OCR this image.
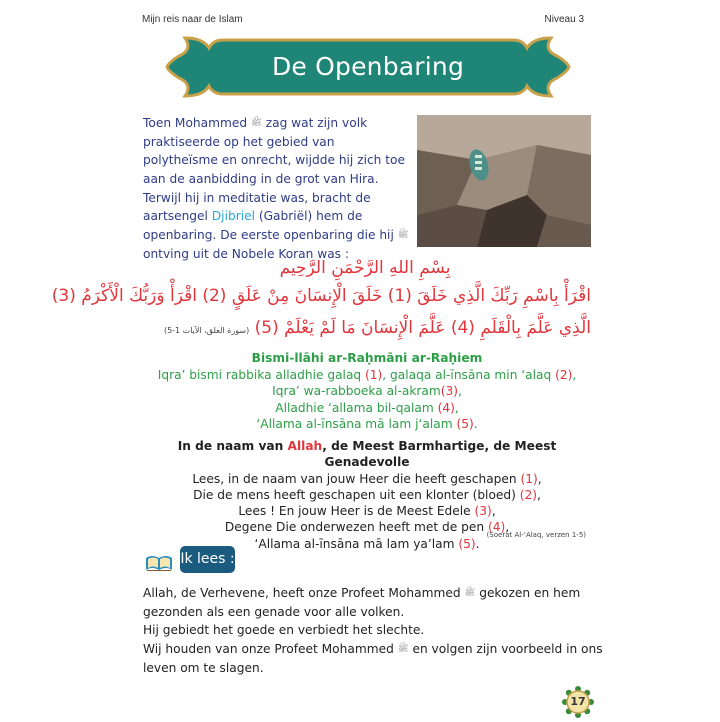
Mijn reis naar de Islam	Niveau 3
De Openbaring
Toen Mohammed ﷺ zag wat zijn volk praktiseerde op het gebied van polytheïsme en onrecht, wijdde hij zich toe aan de aanbidding in de grot van Hira. Terwijl hij in meditatie was, bracht de aartsengel Djibriel (Gabriël) hem de openbaring. De eerste openbaring die hij ﷺ ontving uit de Nobele Koran was :
بِسْمِ اللهِ الرَّحْمَنِ الرَّحِيم
اقْرَأْ بِاسْمِ رَبِّكَ الَّذِي خَلَقَ (1) خَلَقَ الْإِنسَانَ مِنْ عَلَقٍ (2) اقْرَأْ وَرَبُّكَ الْأَكْرَمُ (3)
الَّذِي عَلَّمَ بِالْقَلَمِ (4) عَلَّمَ الْإِنسَانَ مَا لَمْ يَعْلَمْ (5) (سورة العلق، الآيات 1-5)
Bismi-llāhi ar-Raḥmāni ar-Raḥiem
Iqra’ bismi rabbika alladhie galaq (1), galaqa al-īnsāna min ‘alaq (2),
Iqra’ wa-rabboeka al-akram(3),
Alladhie ‘allama bil-qalam (4),
‘Allama al-īnsāna mā lam j‘alam (5).
In de naam van Allah, de Meest Barmhartige, de Meest Genadevolle
Lees, in de naam van jouw Heer die heeft geschapen (1),
Die de mens heeft geschapen uit een klonter (bloed) (2),
Lees ! En jouw Heer is de Meest Edele (3),
Degene Die onderwezen heeft met de pen (4),
‘Allama al-īnsāna mā lam ya’lam (5).
(Soerat Al-‘Alaq, verzen 1-5)
Ik lees :
Allah, de Verhevene, heeft onze Profeet Mohammed ﷺ gekozen en hem gezonden als een genade voor alle volken.
Hij gebiedt het goede en verbiedt het slechte.
Wij houden van onze Profeet Mohammed ﷺ en volgen zijn voorbeeld in ons leven om te slagen.
17
